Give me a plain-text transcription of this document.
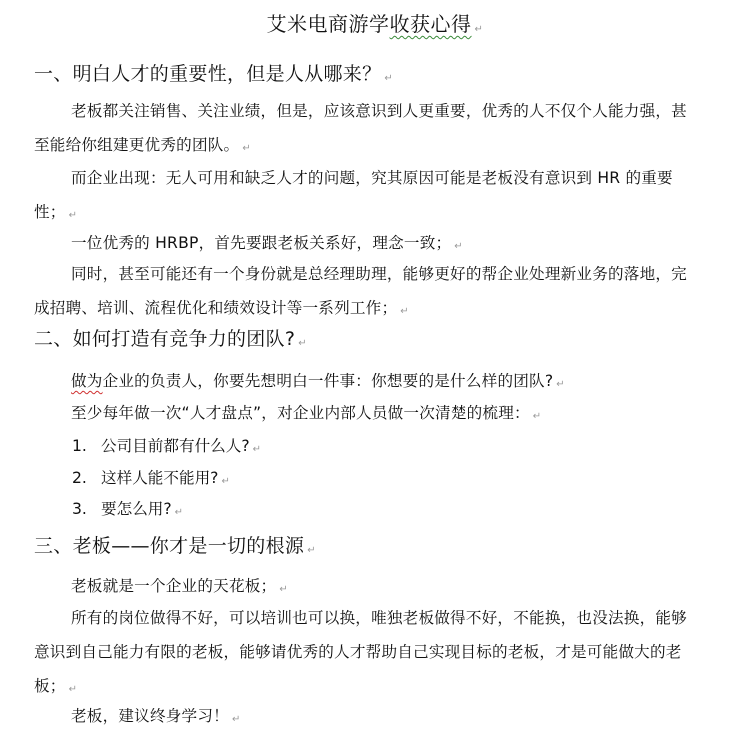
艾米电商游学收获心得 ↵
一、明白人才的重要性，但是人从哪来？ ↵
老板都关注销售、关注业绩，但是，应该意识到人更重要，优秀的人不仅个人能力强，甚至能给你组建更优秀的团队。 ↵
而企业出现：无人可用和缺乏人才的问题，究其原因可能是老板没有意识到 HR 的重要性； ↵
一位优秀的 HRBP，首先要跟老板关系好，理念一致； ↵
同时，甚至可能还有一个身份就是总经理助理，能够更好的帮企业处理新业务的落地，完成招聘、培训、流程优化和绩效设计等一系列工作； ↵
二、如何打造有竞争力的团队? ↵
做为企业的负责人，你要先想明白一件事：你想要的是什么样的团队? ↵
至少每年做一次“人才盘点”，对企业内部人员做一次清楚的梳理： ↵
1. 公司目前都有什么人? ↵
2. 这样人能不能用? ↵
3. 要怎么用? ↵
三、老板——你才是一切的根源 ↵
老板就是一个企业的天花板； ↵
所有的岗位做得不好，可以培训也可以换，唯独老板做得不好，不能换，也没法换，能够意识到自己能力有限的老板，能够请优秀的人才帮助自己实现目标的老板，才是可能做大的老板； ↵
老板，建议终身学习！ ↵
